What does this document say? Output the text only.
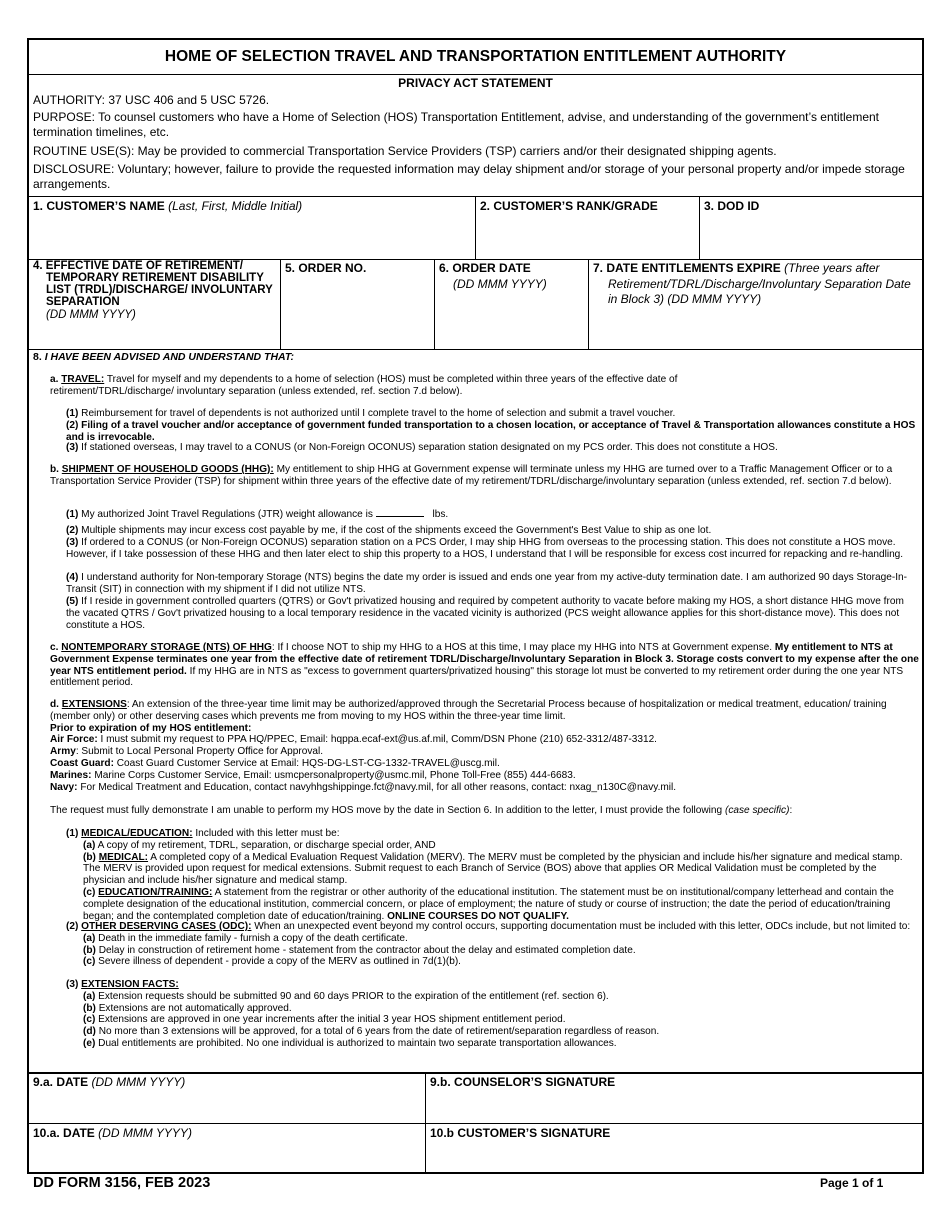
HOME OF SELECTION TRAVEL AND TRANSPORTATION ENTITLEMENT AUTHORITY
PRIVACY ACT STATEMENT
AUTHORITY: 37 USC 406 and 5 USC 5726.
PURPOSE: To counsel customers who have a Home of Selection (HOS) Transportation Entitlement, advise, and understanding of the government’s entitlement termination timelines, etc.
ROUTINE USE(S): May be provided to commercial Transportation Service Providers (TSP) carriers and/or their designated shipping agents.
DISCLOSURE: Voluntary; however, failure to provide the requested information may delay shipment and/or storage of your personal property and/or impede storage arrangements.
1. CUSTOMER’S NAME (Last, First, Middle Initial)	2. CUSTOMER’S RANK/GRADE	3. DOD ID
4. EFFECTIVE DATE OF RETIREMENT/ TEMPORARY RETIREMENT DISABILITY LIST (TRDL)/DISCHARGE/ INVOLUNTARY SEPARATION
(DD MMM YYYY)
5. ORDER NO.	6. ORDER DATE
(DD MMM YYYY)
7. DATE ENTITLEMENTS EXPIRE (Three years after Retirement/TDRL/Discharge/Involuntary Separation Date in Block 3) (DD MMM YYYY)
8. I HAVE BEEN ADVISED AND UNDERSTAND THAT:
a. TRAVEL: Travel for myself and my dependents to a home of selection (HOS) must be completed within three years of the effective date of retirement/TDRL/discharge/ involuntary separation (unless extended, ref. section 7.d below).
(1) Reimbursement for travel of dependents is not authorized until I complete travel to the home of selection and submit a travel voucher.
(2) Filing of a travel voucher and/or acceptance of government funded transportation to a chosen location, or acceptance of Travel & Transportation allowances constitute a HOS and is irrevocable.
(3) If stationed overseas, I may travel to a CONUS (or Non-Foreign OCONUS) separation station designated on my PCS order. This does not constitute a HOS.
b. SHIPMENT OF HOUSEHOLD GOODS (HHG): My entitlement to ship HHG at Government expense will terminate unless my HHG are turned over to a Traffic Management Officer or to a Transportation Service Provider (TSP) for shipment within three years of the effective date of my retirement/TDRL/discharge/involuntary separation (unless extended, ref. section 7.d below).
(1) My authorized Joint Travel Regulations (JTR) weight allowance is	lbs.
(2) Multiple shipments may incur excess cost payable by me, if the cost of the shipments exceed the Government's Best Value to ship as one lot.
(3) If ordered to a CONUS (or Non-Foreign OCONUS) separation station on a PCS Order, I may ship HHG from overseas to the processing station. This does not constitute a HOS move. However, if I take possession of these HHG and then later elect to ship this property to a HOS, I understand that I will be responsible for excess cost incurred for repacking and re-handling.
(4) I understand authority for Non-temporary Storage (NTS) begins the date my order is issued and ends one year from my active-duty termination date. I am authorized 90 days Storage-In-Transit (SIT) in connection with my shipment if I did not utilize NTS.
(5) If I reside in government controlled quarters (QTRS) or Gov't privatized housing and required by competent authority to vacate before making my HOS, a short distance HHG move from the vacated QTRS / Gov't privatized housing to a local temporary residence in the vacated vicinity is authorized (PCS weight allowance applies for this short-distance move). This does not constitute a HOS.
c. NONTEMPORARY STORAGE (NTS) OF HHG: If I choose NOT to ship my HHG to a HOS at this time, I may place my HHG into NTS at Government expense. My entitlement to NTS at Government Expense terminates one year from the effective date of retirement TDRL/Discharge/Involuntary Separation in Block 3. Storage costs convert to my expense after the one year NTS entitlement period. If my HHG are in NTS as "excess to government quarters/privatized housing" this storage lot must be converted to my retirement order during the one year NTS entitlement period.
d. EXTENSIONS: An extension of the three-year time limit may be authorized/approved through the Secretarial Process because of hospitalization or medical treatment, education/ training (member only) or other deserving cases which prevents me from moving to my HOS within the three-year time limit.
Prior to expiration of my HOS entitlement:
Air Force: I must submit my request to PPA HQ/PPEC, Email: hqppa.ecaf-ext@us.af.mil, Comm/DSN Phone (210) 652-3312/487-3312.
Army: Submit to Local Personal Property Office for Approval.
Coast Guard: Coast Guard Customer Service at Email: HQS-DG-LST-CG-1332-TRAVEL@uscg.mil.
Marines: Marine Corps Customer Service, Email: usmcpersonalproperty@usmc.mil, Phone Toll-Free (855) 444-6683.
Navy: For Medical Treatment and Education, contact navyhhgshippinge.fct@navy.mil, for all other reasons, contact: nxag_n130C@navy.mil.
The request must fully demonstrate I am unable to perform my HOS move by the date in Section 6. In addition to the letter, I must provide the following (case specific):
(1) MEDICAL/EDUCATION: Included with this letter must be:
(a) A copy of my retirement, TDRL, separation, or discharge special order, AND
(b) MEDICAL: A completed copy of a Medical Evaluation Request Validation (MERV). The MERV must be completed by the physician and include his/her signature and medical stamp. The MERV is provided upon request for medical extensions. Submit request to each Branch of Service (BOS) above that applies OR Medical Validation must be completed by the physician and include his/her signature and medical stamp.
(c) EDUCATION/TRAINING: A statement from the registrar or other authority of the educational institution. The statement must be on institutional/company letterhead and contain the complete designation of the educational institution, commercial concern, or place of employment; the nature of study or course of instruction; the date the period of education/training began; and the contemplated completion date of education/training. ONLINE COURSES DO NOT QUALIFY.
(2) OTHER DESERVING CASES (ODC): When an unexpected event beyond my control occurs, supporting documentation must be included with this letter, ODCs include, but not limited to:
(a) Death in the immediate family - furnish a copy of the death certificate.
(b) Delay in construction of retirement home - statement from the contractor about the delay and estimated completion date.
(c) Severe illness of dependent - provide a copy of the MERV as outlined in 7d(1)(b).
(3) EXTENSION FACTS:
(a) Extension requests should be submitted 90 and 60 days PRIOR to the expiration of the entitlement (ref. section 6).
(b) Extensions are not automatically approved.
(c) Extensions are approved in one year increments after the initial 3 year HOS shipment entitlement period.
(d) No more than 3 extensions will be approved, for a total of 6 years from the date of retirement/separation regardless of reason.
(e) Dual entitlements are prohibited. No one individual is authorized to maintain two separate transportation allowances.
9.a. DATE (DD MMM YYYY)	9.b. COUNSELOR’S SIGNATURE
10.a. DATE (DD MMM YYYY)	10.b CUSTOMER’S SIGNATURE
DD FORM 3156, FEB 2023	Page 1 of 1
